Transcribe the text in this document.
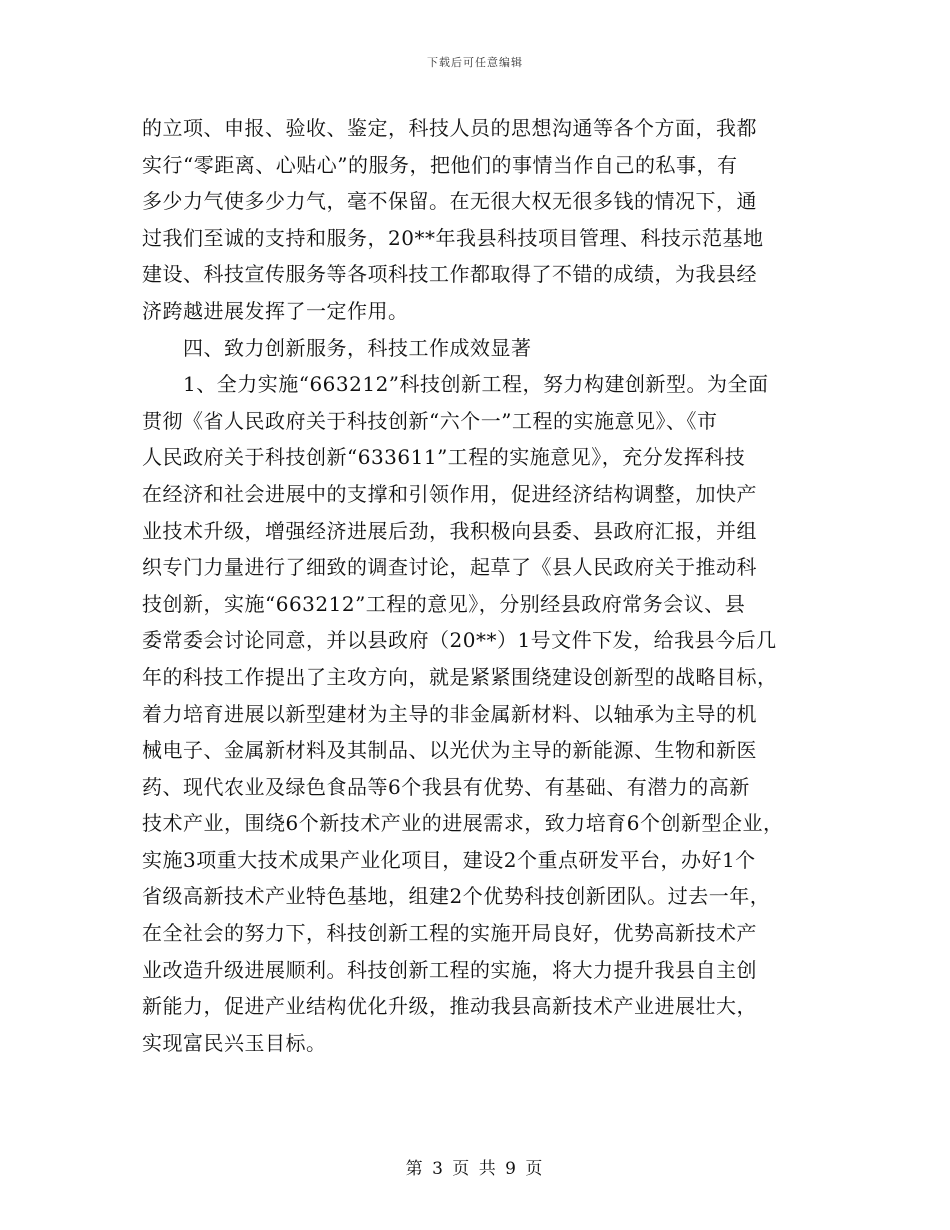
下载后可任意编辑
的立项、申报、验收、鉴定，科技人员的思想沟通等各个方面，我都
实行“零距离、心贴心”的服务，把他们的事情当作自己的私事，有
多少力气使多少力气，毫不保留。在无很大权无很多钱的情况下，通
过我们至诚的支持和服务，20**年我县科技项目管理、科技示范基地
建设、科技宣传服务等各项科技工作都取得了不错的成绩，为我县经
济跨越进展发挥了一定作用。
四、致力创新服务，科技工作成效显著
1、全力实施“663212”科技创新工程，努力构建创新型。为全面
贯彻《省人民政府关于科技创新“六个一”工程的实施意见》、《市
人民政府关于科技创新“633611”工程的实施意见》，充分发挥科技
在经济和社会进展中的支撑和引领作用，促进经济结构调整，加快产
业技术升级，增强经济进展后劲，我积极向县委、县政府汇报，并组
织专门力量进行了细致的调查讨论，起草了《县人民政府关于推动科
技创新，实施“663212”工程的意见》，分别经县政府常务会议、县
委常委会讨论同意，并以县政府（20**）1号文件下发，给我县今后几
年的科技工作提出了主攻方向，就是紧紧围绕建设创新型的战略目标，
着力培育进展以新型建材为主导的非金属新材料、以轴承为主导的机
械电子、金属新材料及其制品、以光伏为主导的新能源、生物和新医
药、现代农业及绿色食品等6个我县有优势、有基础、有潜力的高新
技术产业，围绕6个新技术产业的进展需求，致力培育6个创新型企业，
实施3项重大技术成果产业化项目，建设2个重点研发平台，办好1个
省级高新技术产业特色基地，组建2个优势科技创新团队。过去一年，
在全社会的努力下，科技创新工程的实施开局良好，优势高新技术产
业改造升级进展顺利。科技创新工程的实施，将大力提升我县自主创
新能力，促进产业结构优化升级，推动我县高新技术产业进展壮大，
实现富民兴玉目标。
第 3 页 共 9 页
